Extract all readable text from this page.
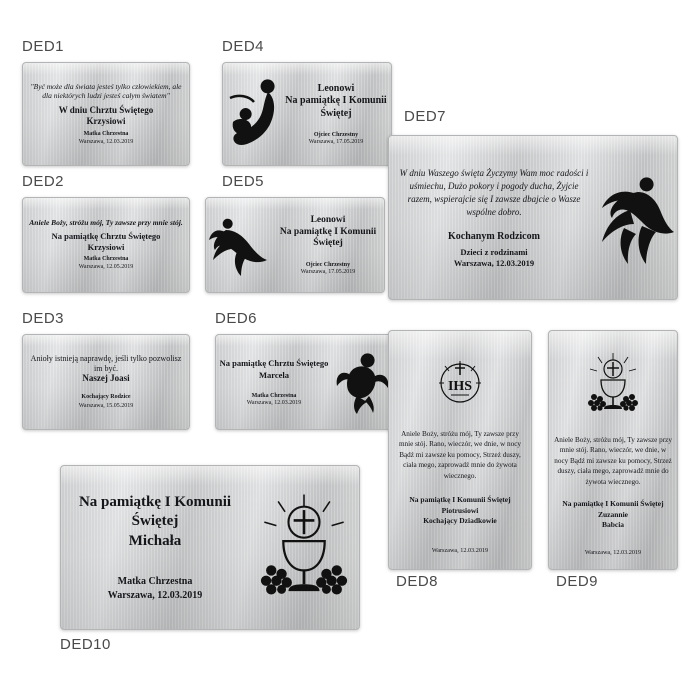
DED1
DED2
DED3
DED4
DED5
DED6
DED7
DED8	DED9
DED10
"Być może dla świata jesteś tylko człowiekiem, ale dla niektórych ludzi jesteś całym światem"
W dniu Chrztu Świętego
Krzysiowi
Matka Chrzestna
Warszawa, 12.03.2019
Aniele Boży, stróżu mój, Ty zawsze przy mnie stój.
Na pamiątkę Chrztu Świętego
Krzysiowi
Matka Chrzestna
Warszawa, 12.05.2019
Anioły istnieją naprawdę, jeśli tylko pozwolisz im być.
Naszej Joasi
Kochający Rodzice
Warszawa, 15.05.2019
Leonowi
Na pamiątkę I Komunii Świętej
Ojciec Chrzestny
Warszawa, 17.05.2019
Leonowi
Na pamiątkę I Komunii Świętej
Ojciec Chrzestny
Warszawa, 17.05.2019
Na pamiątkę Chrztu Świętego
Marcela
Matka Chrzestna
Warszawa, 12.03.2019
W dniu Waszego święta Życzymy Wam moc radości i uśmiechu, Dużo pokory i pogody ducha, Żyjcie razem, wspierajcie się I zawsze dbajcie o Wasze wspólne dobro.
Kochanym Rodzicom
Dzieci z rodzinami
Warszawa, 12.03.2019
IHS
Aniele Boży, stróżu mój, Ty zawsze przy mnie stój. Rano, wieczór, we dnie, w nocy Bądź mi zawsze ku pomocy, Strzeż duszy, ciała mego, zaprowadź mnie do żywota wiecznego.
Na pamiątkę I Komunii Świętej
Piotrusiowi
Kochający Dziadkowie
Warszawa, 12.03.2019
Aniele Boży, stróżu mój, Ty zawsze przy mnie stój. Rano, wieczór, we dnie, w nocy Bądź mi zawsze ku pomocy, Strzeż duszy, ciała mego, zaprowadź mnie do żywota wiecznego.
Na pamiątkę I Komunii Świętej
Zuzannie
Babcia
Warszawa, 12.03.2019
Na pamiątkę I Komunii Świętej
Michała
Matka Chrzestna
Warszawa, 12.03.2019
